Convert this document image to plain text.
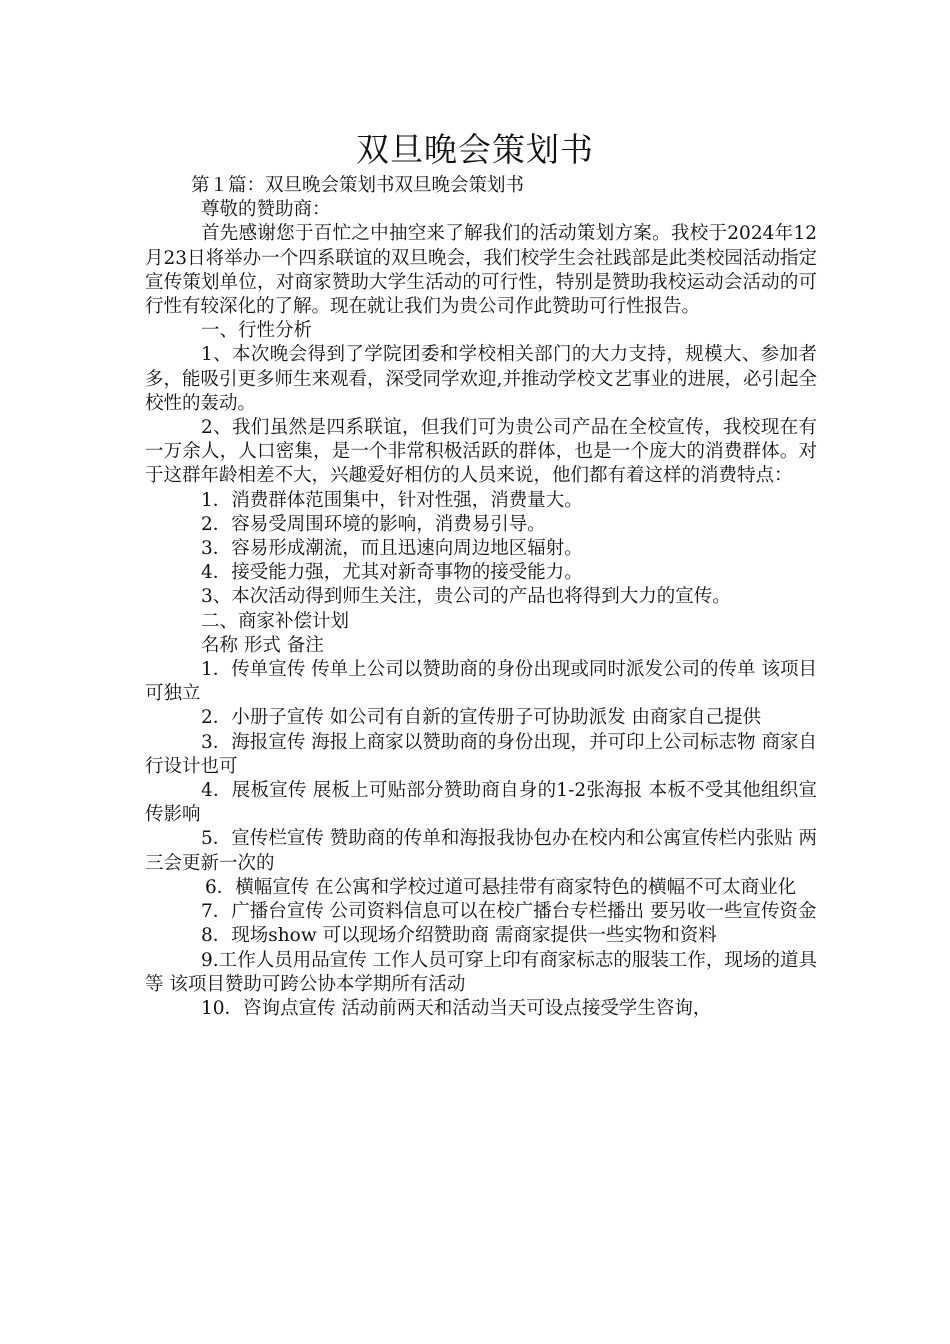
双旦晚会策划书

第１篇：双旦晚会策划书双旦晚会策划书

尊敬的赞助商：

首先感谢您于百忙之中抽空来了解我们的活动策划方案。我校于2024年12月23日将举办一个四系联谊的双旦晚会，我们校学生会社践部是此类校园活动指定宣传策划单位，对商家赞助大学生活动的可行性，特别是赞助我校运动会活动的可行性有较深化的了解。现在就让我们为贵公司作此赞助可行性报告。

一、行性分析

1、本次晚会得到了学院团委和学校相关部门的大力支持，规模大、参加者多，能吸引更多师生来观看，深受同学欢迎,并推动学校文艺事业的进展，必引起全校性的轰动。

2、我们虽然是四系联谊，但我们可为贵公司产品在全校宣传，我校现在有一万余人，人口密集，是一个非常积极活跃的群体，也是一个庞大的消费群体。对于这群年龄相差不大，兴趣爱好相仿的人员来说，他们都有着这样的消费特点：

1．消费群体范围集中，针对性强，消费量大。

2．容易受周围环境的影响，消费易引导。

3．容易形成潮流，而且迅速向周边地区辐射。

4．接受能力强，尤其对新奇事物的接受能力。

3、本次活动得到师生关注，贵公司的产品也将得到大力的宣传。

二、商家补偿计划

名称 形式 备注

1．传单宣传 传单上公司以赞助商的身份出现或同时派发公司的传单 该项目可独立

2．小册子宣传 如公司有自新的宣传册子可协助派发 由商家自己提供

3．海报宣传 海报上商家以赞助商的身份出现，并可印上公司标志物 商家自行设计也可

4．展板宣传 展板上可贴部分赞助商自身的1-2张海报 本板不受其他组织宣传影响

5．宣传栏宣传 赞助商的传单和海报我协包办在校内和公寓宣传栏内张贴 两三会更新一次的

6．横幅宣传 在公寓和学校过道可悬挂带有商家特色的横幅不可太商业化

7．广播台宣传 公司资料信息可以在校广播台专栏播出 要另收一些宣传资金

8．现场show 可以现场介绍赞助商 需商家提供一些实物和资料

9.工作人员用品宣传 工作人员可穿上印有商家标志的服装工作，现场的道具等 该项目赞助可跨公协本学期所有活动

10．咨询点宣传 活动前两天和活动当天可设点接受学生咨询，
